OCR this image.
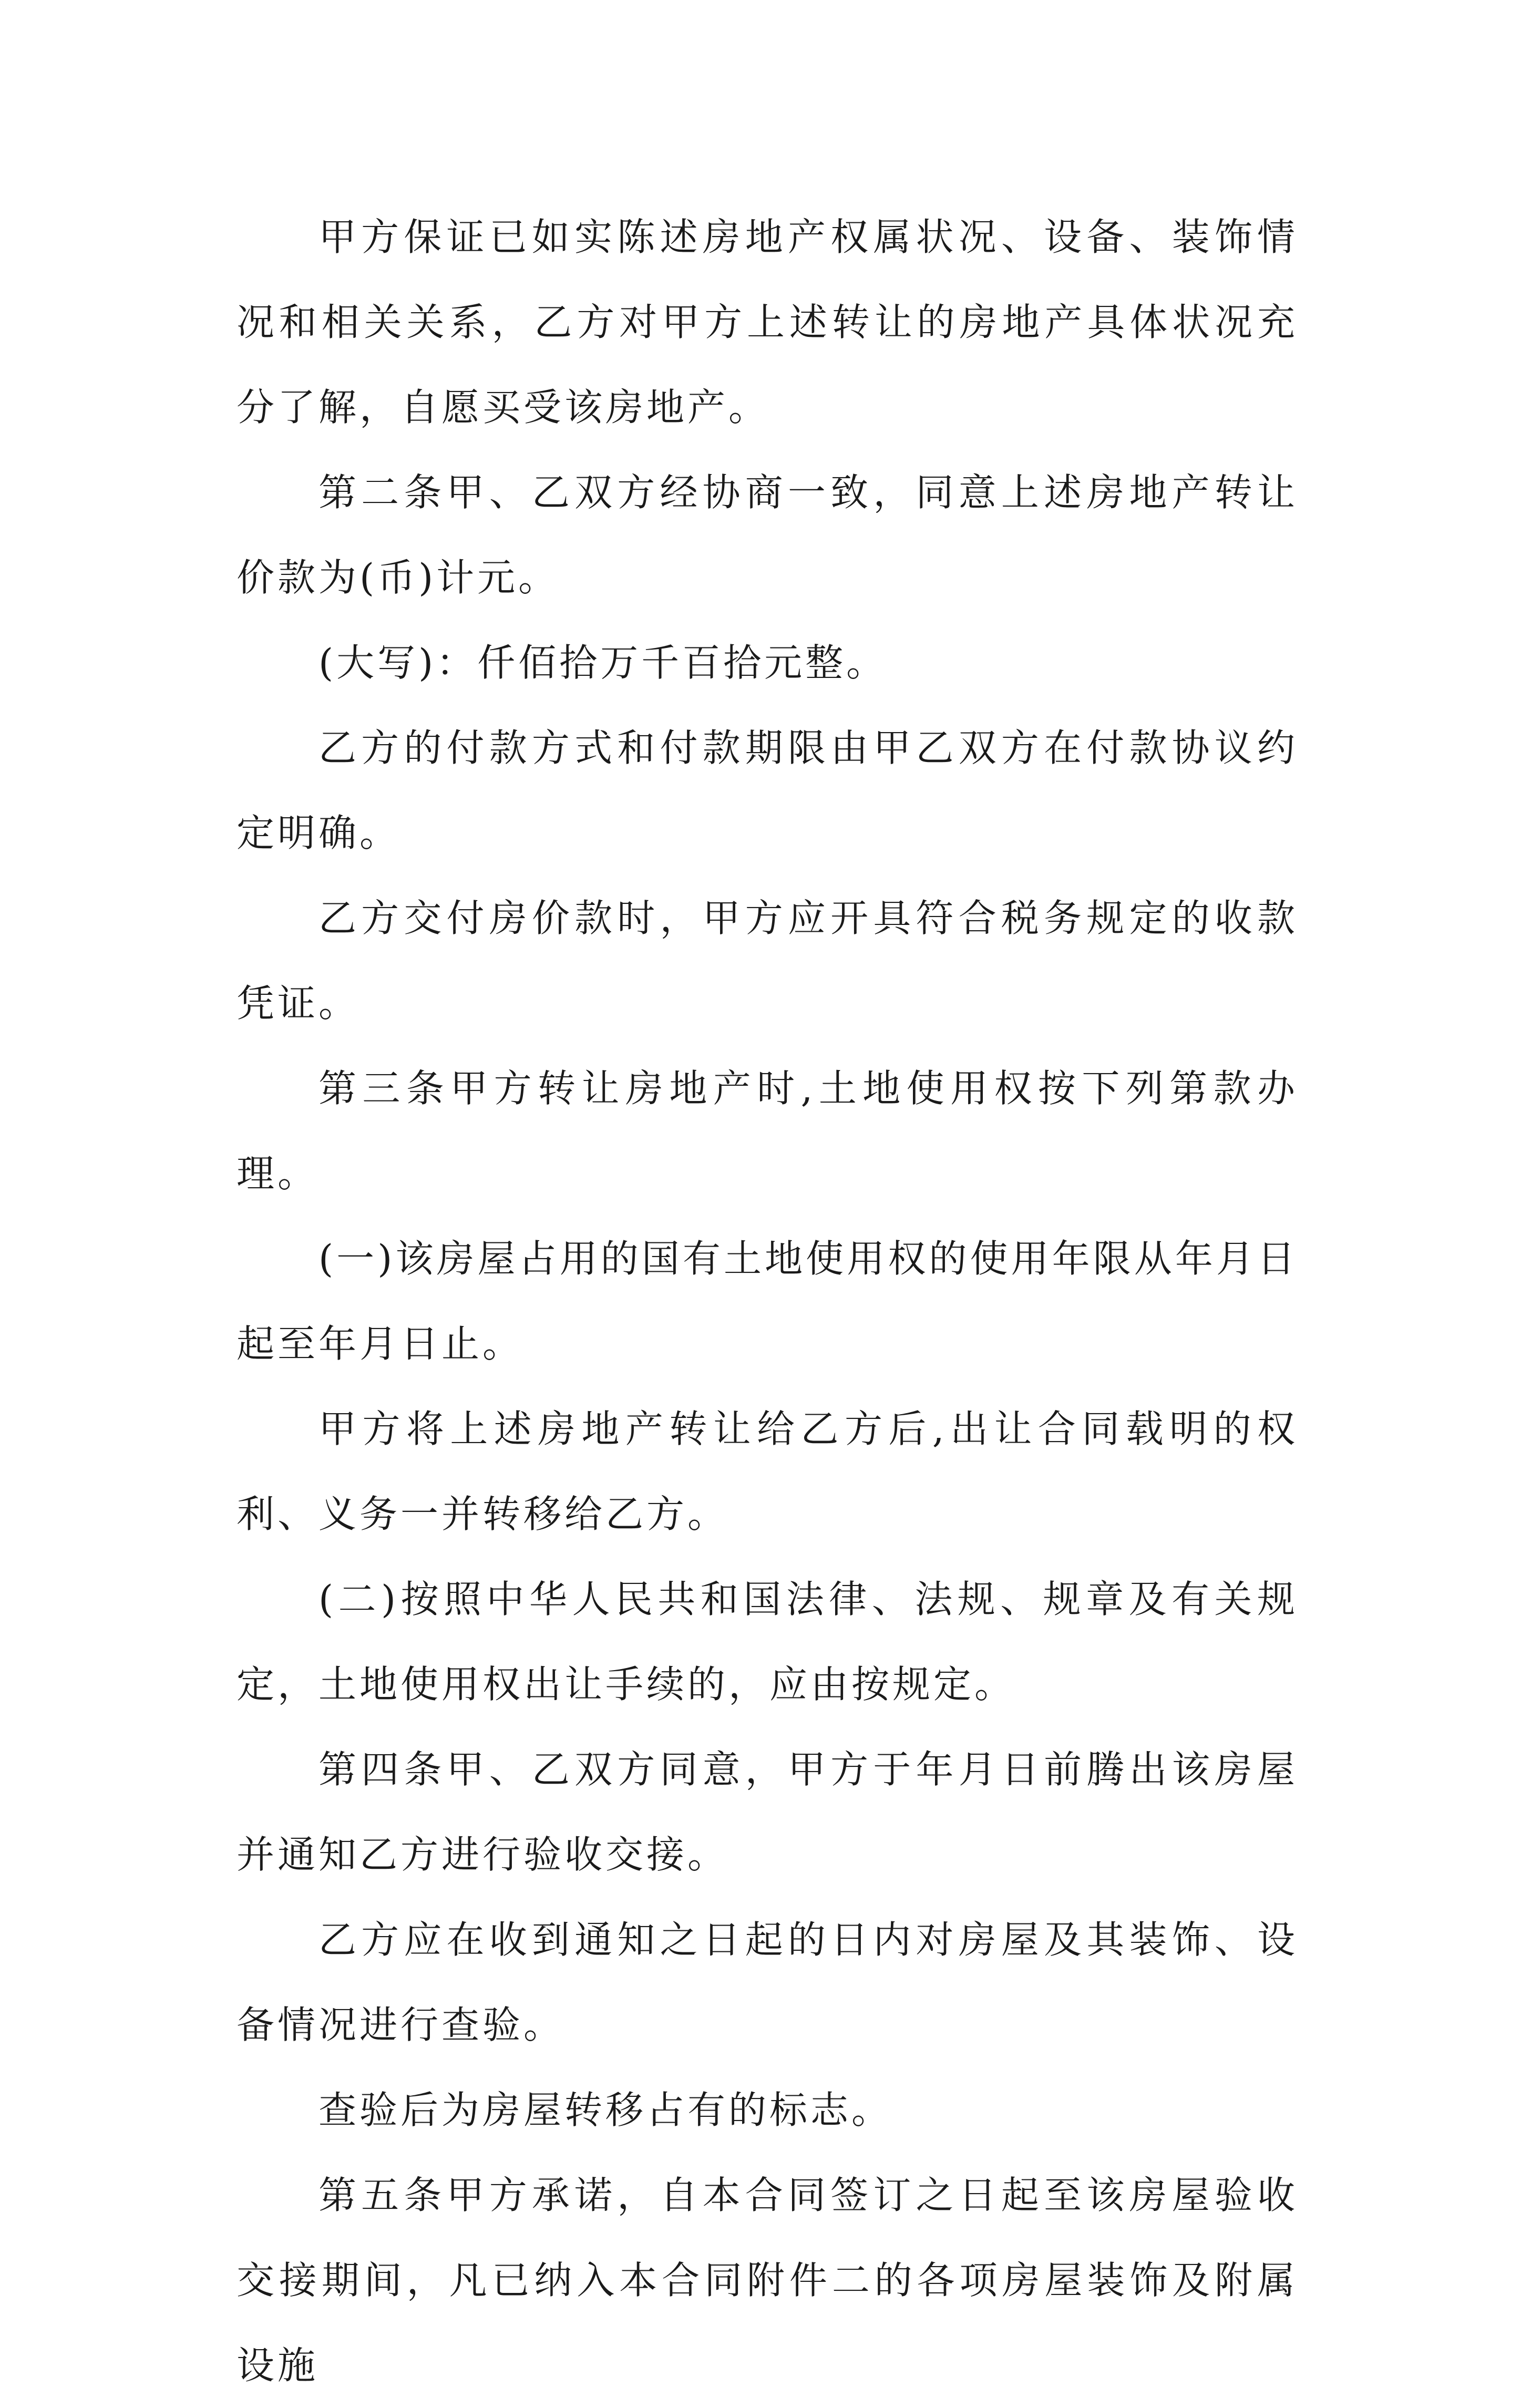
甲方保证已如实陈述房地产权属状况、设备、装饰情况和相关关系，乙方对甲方上述转让的房地产具体状况充分了解，自愿买受该房地产。

第二条甲、乙双方经协商一致，同意上述房地产转让价款为(币)计元。

(大写)：仟佰拾万千百拾元整。

乙方的付款方式和付款期限由甲乙双方在付款协议约定明确。

乙方交付房价款时，甲方应开具符合税务规定的收款凭证。

第三条甲方转让房地产时,土地使用权按下列第款办理。

(一)该房屋占用的国有土地使用权的使用年限从年月日起至年月日止。

甲方将上述房地产转让给乙方后,出让合同载明的权利、义务一并转移给乙方。

(二)按照中华人民共和国法律、法规、规章及有关规定，土地使用权出让手续的，应由按规定。

第四条甲、乙双方同意，甲方于年月日前腾出该房屋并通知乙方进行验收交接。

乙方应在收到通知之日起的日内对房屋及其装饰、设备情况进行查验。

查验后为房屋转移占有的标志。

第五条甲方承诺，自本合同签订之日起至该房屋验收交接期间，凡已纳入本合同附件二的各项房屋装饰及附属设施
